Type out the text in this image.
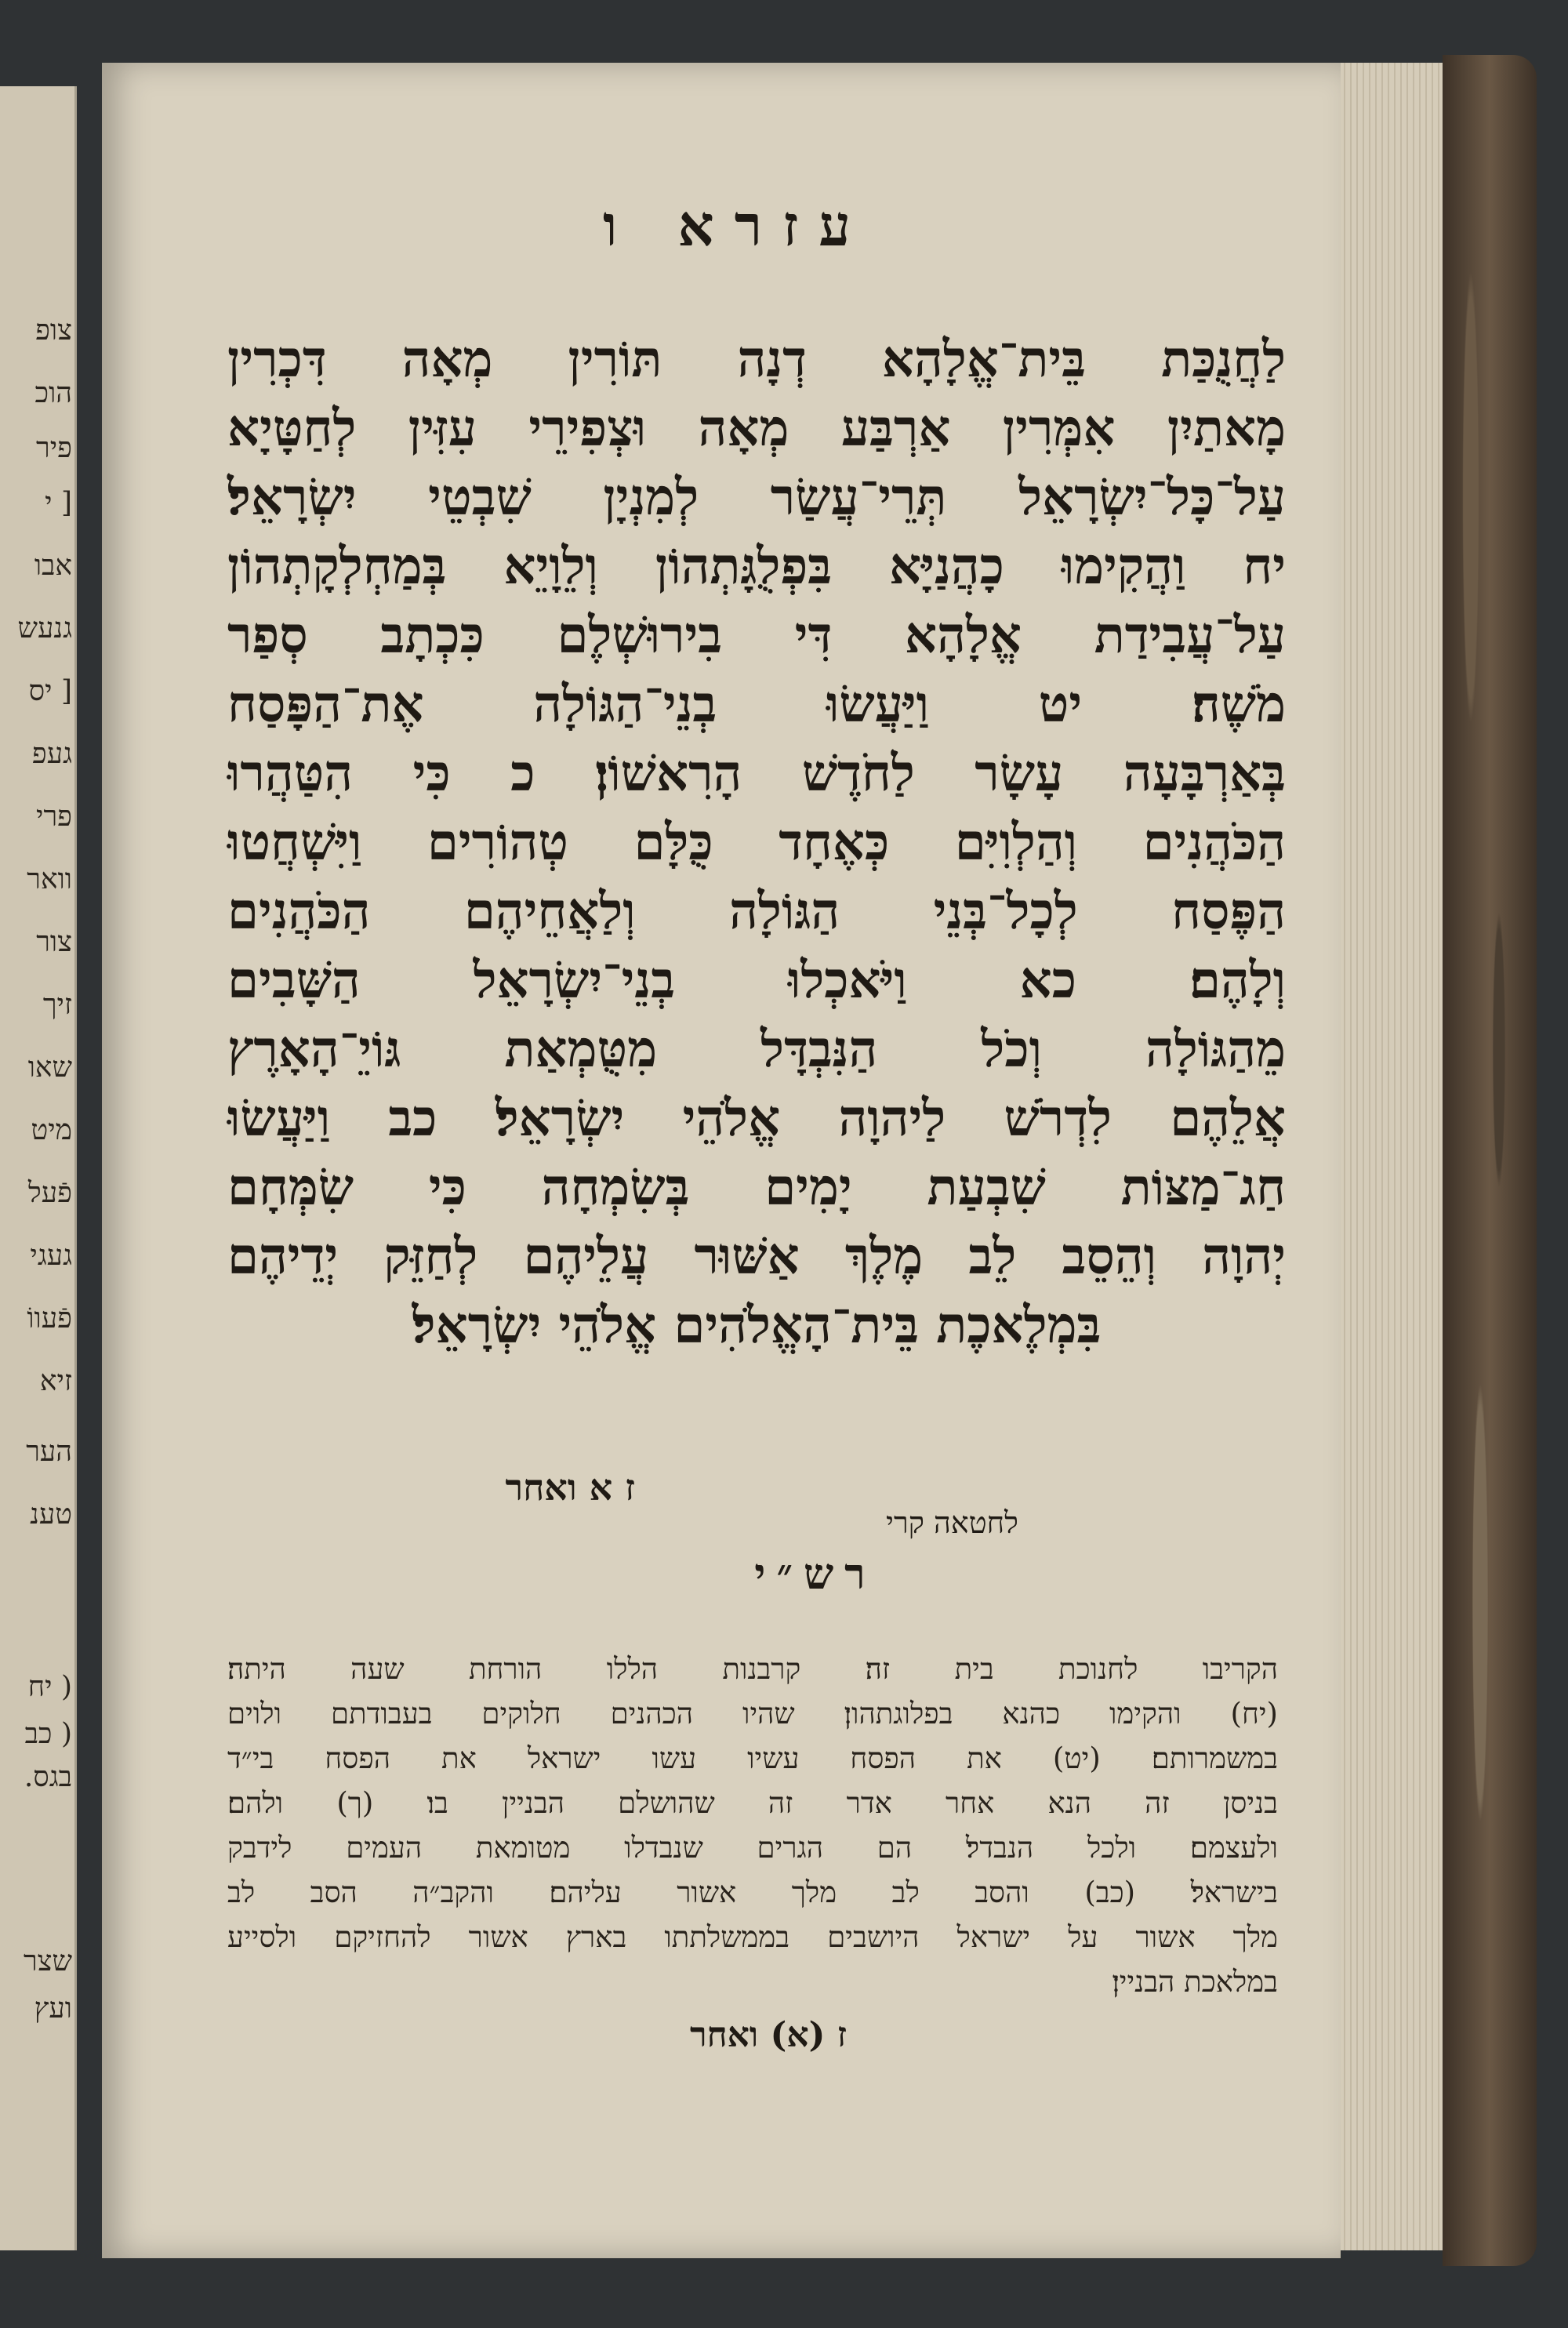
צופ
הוכ
פיר
[ י
אבו
גנעש
[ יס
געפ
פרי
וואר
צור
זיך
שאו
מיט
פֿעל
געגי
פֿעווֹ
זיא
הער
טענ
( יח
( כב
בגס.
שצר
ועץ
עזרא ו
לַחֲנֻכַּת בֵּית־אֱלָהָא דְנָה תּוֹרִין מְאָה דִּכְרִין
מָאתַיִן אִמְּרִין אַרְבַּע מְאָה וּצְפִירֵי עִזִּין לְחַטָּיָא
עַל־כָּל־יִשְׂרָאֵל תְּרֵי־עֲשַׂר לְמִנְיָן שִׁבְטֵי יִשְׂרָאֵל׃
יח וַהֲקִימוּ כָהֲנַיָּא בִּפְלֻגָּתְהוֹן וְלֵוָיֵא בְּמַחְלְקָתְהוֹן
עַל־עֲבִידַת אֱלָהָא דִּי בִירוּשְׁלֶם כִּכְתָב סְפַר
מֹשֶׁה׃ יט וַיַּעֲשׂוּ בְנֵי־הַגּוֹלָה אֶת־הַפָּסַח
בְּאַרְבָּעָה עָשָׂר לַחֹדֶשׁ הָרִאשׁוֹן׃ כ כִּי הִטַּהֲרוּ
הַכֹּהֲנִים וְהַלְוִיִּם כְּאֶחָד כֻּלָּם טְהוֹרִים וַיִּשְׁחֲטוּ
הַפֶּסַח לְכָל־בְּנֵי הַגּוֹלָה וְלַאֲחֵיהֶם הַכֹּהֲנִים
וְלָהֶם׃ כא וַיֹּאכְלוּ בְנֵי־יִשְׂרָאֵל הַשָּׁבִים
מֵהַגּוֹלָה וְכֹל הַנִּבְדָּל מִטֻּמְאַת גּוֹיֵ־הָאָרֶץ
אֲלֵהֶם לִדְרֹשׁ לַיהוָה אֱלֹהֵי יִשְׂרָאֵל׃ כב וַיַּעֲשׂוּ
חַג־מַצּוֹת שִׁבְעַת יָמִים בְּשִׂמְחָה כִּי שִׂמְּחָם
יְהוָה וְהֵסֵב לֵב מֶלֶךְ אַשּׁוּר עֲלֵיהֶם לְחַזֵּק יְדֵיהֶם
בִּמְלֶאכֶת בֵּית־הָאֱלֹהִים אֱלֹהֵי יִשְׂרָאֵל׃
ז א ואחר
לחטאה קרי
רש״י
הקריבו לחנוכת בית זה׃ קרבנות הללו הורחת שעה היתה׃
(יח) והקימו כהנא בפלוגתהון׃ שהיו הכהנים חלוקים בעבודתם ולוים
במשמרותם׃ (יט) את הפסח עשיו עשו ישראל את הפסח בי״ד
בניסן זה הנא אחר אדר זה שהושלם הבניין בו׃ (ך) ולהם׃
ולעצמם׃ ולכל הנבדל׃ הם הגרים שנבדלו מטומאת העמים לידבק
בישראל׃ (כב) והסב לב מלך אשור עליהם׃ והקב״ה הסב לב
מלך אשור על ישראל היושבים בממשלתתו בארץ אשור להחזיקם ולסייע
במלאכת הבניין׃
ז (א) ואחר
